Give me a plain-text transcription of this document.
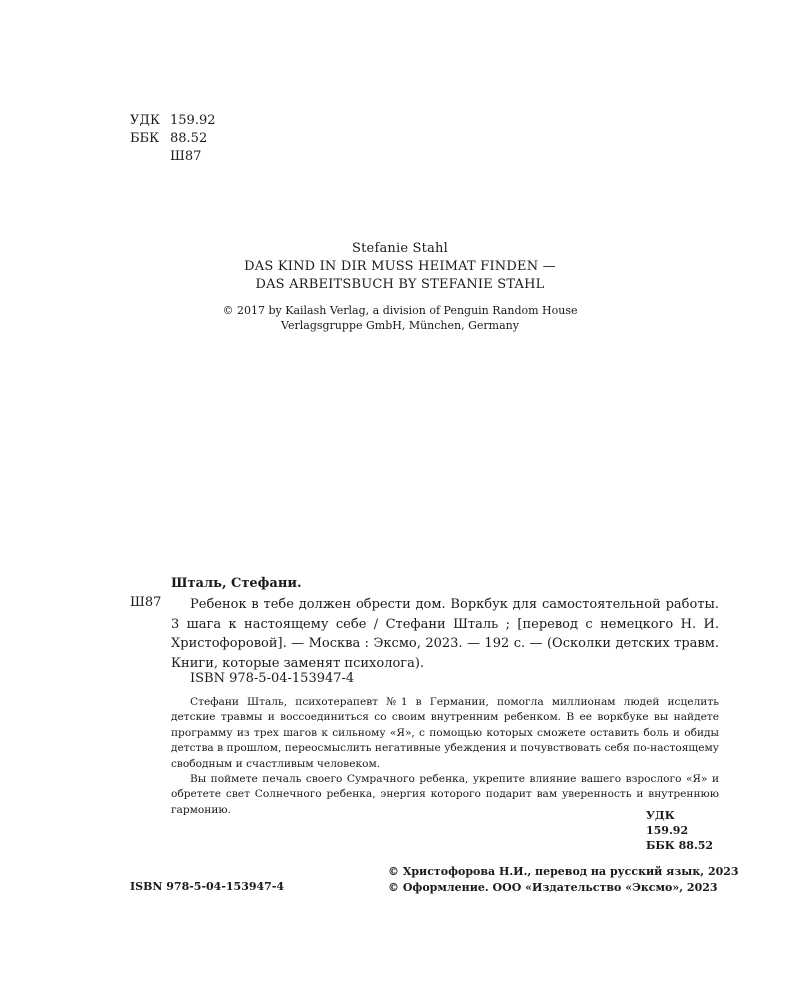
УДК 159.92
ББК 88.52
Ш87
Stefanie Stahl
DAS KIND IN DIR MUSS HEIMAT FINDEN —
DAS ARBEITSBUCH BY STEFANIE STAHL
© 2017 by Kailash Verlag, a division of Penguin Random House
Verlagsgruppe GmbH, München, Germany
Шталь, Стефани.
Ш87	Ребенок в тебе должен обрести дом. Воркбук для самостоятельной работы. 3 шага к настоящему себе / Стефани Шталь ; [перевод с немецкого Н. И. Христофоровой]. — Москва : Эксмо, 2023. — 192 с. — (Осколки детских травм. Книги, которые заменят психолога).
ISBN 978-5-04-153947-4

Стефани Шталь, психотерапевт №1 в Германии, помогла миллионам людей исцелить детские травмы и воссоединиться со своим внутренним ребенком. В ее воркбуке вы найдете программу из трех шагов к сильному «Я», с помощью которых сможете оставить боль и обиды детства в прошлом, переосмыслить негативные убеждения и почувствовать себя по-настоящему свободным и счастливым человеком.

Вы поймете печаль своего Сумрачного ребенка, укрепите влияние вашего взрослого «Я» и обретете свет Солнечного ребенка, энергия которого подарит вам уверенность и внутреннюю гармонию.	УДК 159.92
ББК 88.52
ISBN 978-5-04-153947-4
© Христофорова Н.И., перевод на русский язык, 2023
© Оформление. ООО «Издательство «Эксмо», 2023
